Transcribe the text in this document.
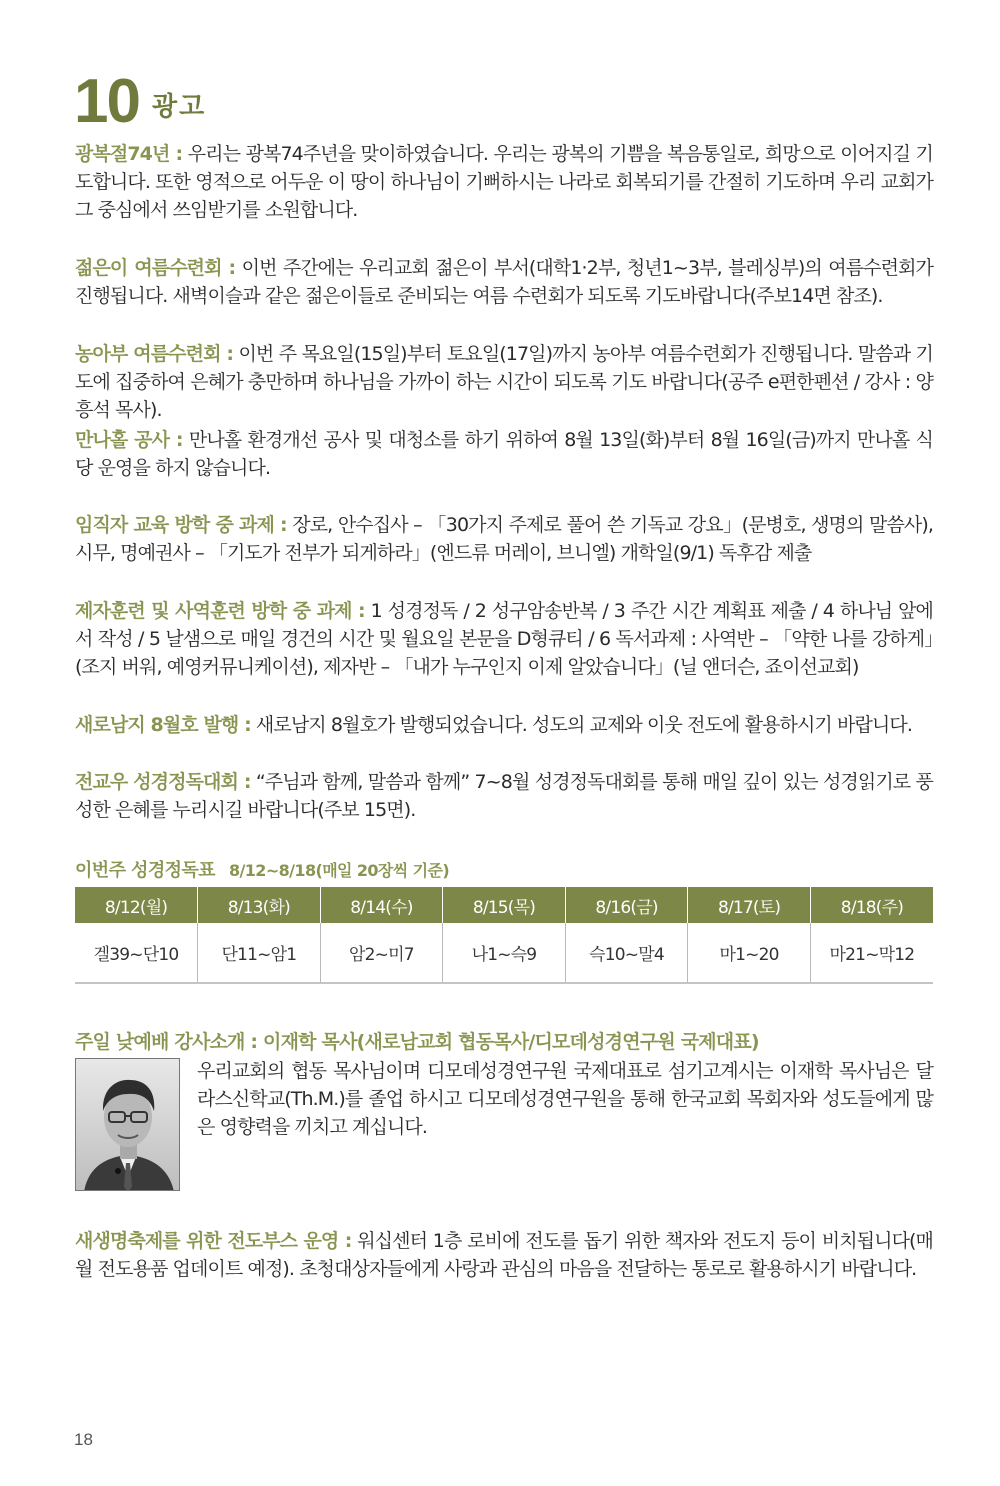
10 광고
광복절74년 : 우리는 광복74주년을 맞이하였습니다. 우리는 광복의 기쁨을 복음통일로, 희망으로 이어지길 기도합니다. 또한 영적으로 어두운 이 땅이 하나님이 기뻐하시는 나라로 회복되기를 간절히 기도하며 우리 교회가 그 중심에서 쓰임받기를 소원합니다.
젊은이 여름수련회 : 이번 주간에는 우리교회 젊은이 부서(대학1·2부, 청년1~3부, 블레싱부)의 여름수련회가 진행됩니다. 새벽이슬과 같은 젊은이들로 준비되는 여름 수련회가 되도록 기도바랍니다(주보14면 참조).
농아부 여름수련회 : 이번 주 목요일(15일)부터 토요일(17일)까지 농아부 여름수련회가 진행됩니다. 말씀과 기도에 집중하여 은혜가 충만하며 하나님을 가까이 하는 시간이 되도록 기도 바랍니다(공주 e편한펜션 / 강사 : 양흥석 목사).
만나홀 공사 : 만나홀 환경개선 공사 및 대청소를 하기 위하여 8월 13일(화)부터 8월 16일(금)까지 만나홀 식당 운영을 하지 않습니다.
임직자 교육 방학 중 과제 : 장로, 안수집사 – 「30가지 주제로 풀어 쓴 기독교 강요」(문병호, 생명의 말씀사), 시무, 명예권사 – 「기도가 전부가 되게하라」(엔드류 머레이, 브니엘) 개학일(9/1) 독후감 제출
제자훈련 및 사역훈련 방학 중 과제 : 1 성경정독 / 2 성구암송반복 / 3 주간 시간 계획표 제출 / 4 하나님 앞에서 작성 / 5 날샘으로 매일 경건의 시간 및 월요일 본문을 D형큐티 / 6 독서과제 : 사역반 – 「약한 나를 강하게」(조지 버워, 예영커뮤니케이션), 제자반 – 「내가 누구인지 이제 알았습니다」(닐 앤더슨, 죠이선교회)
새로남지 8월호 발행 : 새로남지 8월호가 발행되었습니다. 성도의 교제와 이웃 전도에 활용하시기 바랍니다.
전교우 성경정독대회 : “주님과 함께, 말씀과 함께” 7~8월 성경정독대회를 통해 매일 깊이 있는 성경읽기로 풍성한 은혜를 누리시길 바랍니다(주보 15면).
이번주 성경정독표 8/12~8/18(매일 20장씩 기준)
8/12(월)	8/13(화)	8/14(수)	8/15(목)	8/16(금)	8/17(토)	8/18(주)
겔39~단10	단11~암1	암2~미7	나1~슥9	슥10~말4	마1~20	마21~막12
주일 낮예배 강사소개 : 이재학 목사(새로남교회 협동목사/디모데성경연구원 국제대표)
우리교회의 협동 목사님이며 디모데성경연구원 국제대표로 섬기고계시는 이재학 목사님은 달라스신학교(Th.M.)를 졸업 하시고 디모데성경연구원을 통해 한국교회 목회자와 성도들에게 많은 영향력을 끼치고 계십니다.
새생명축제를 위한 전도부스 운영 : 워십센터 1층 로비에 전도를 돕기 위한 책자와 전도지 등이 비치됩니다(매월 전도용품 업데이트 예정). 초청대상자들에게 사랑과 관심의 마음을 전달하는 통로로 활용하시기 바랍니다.
18
